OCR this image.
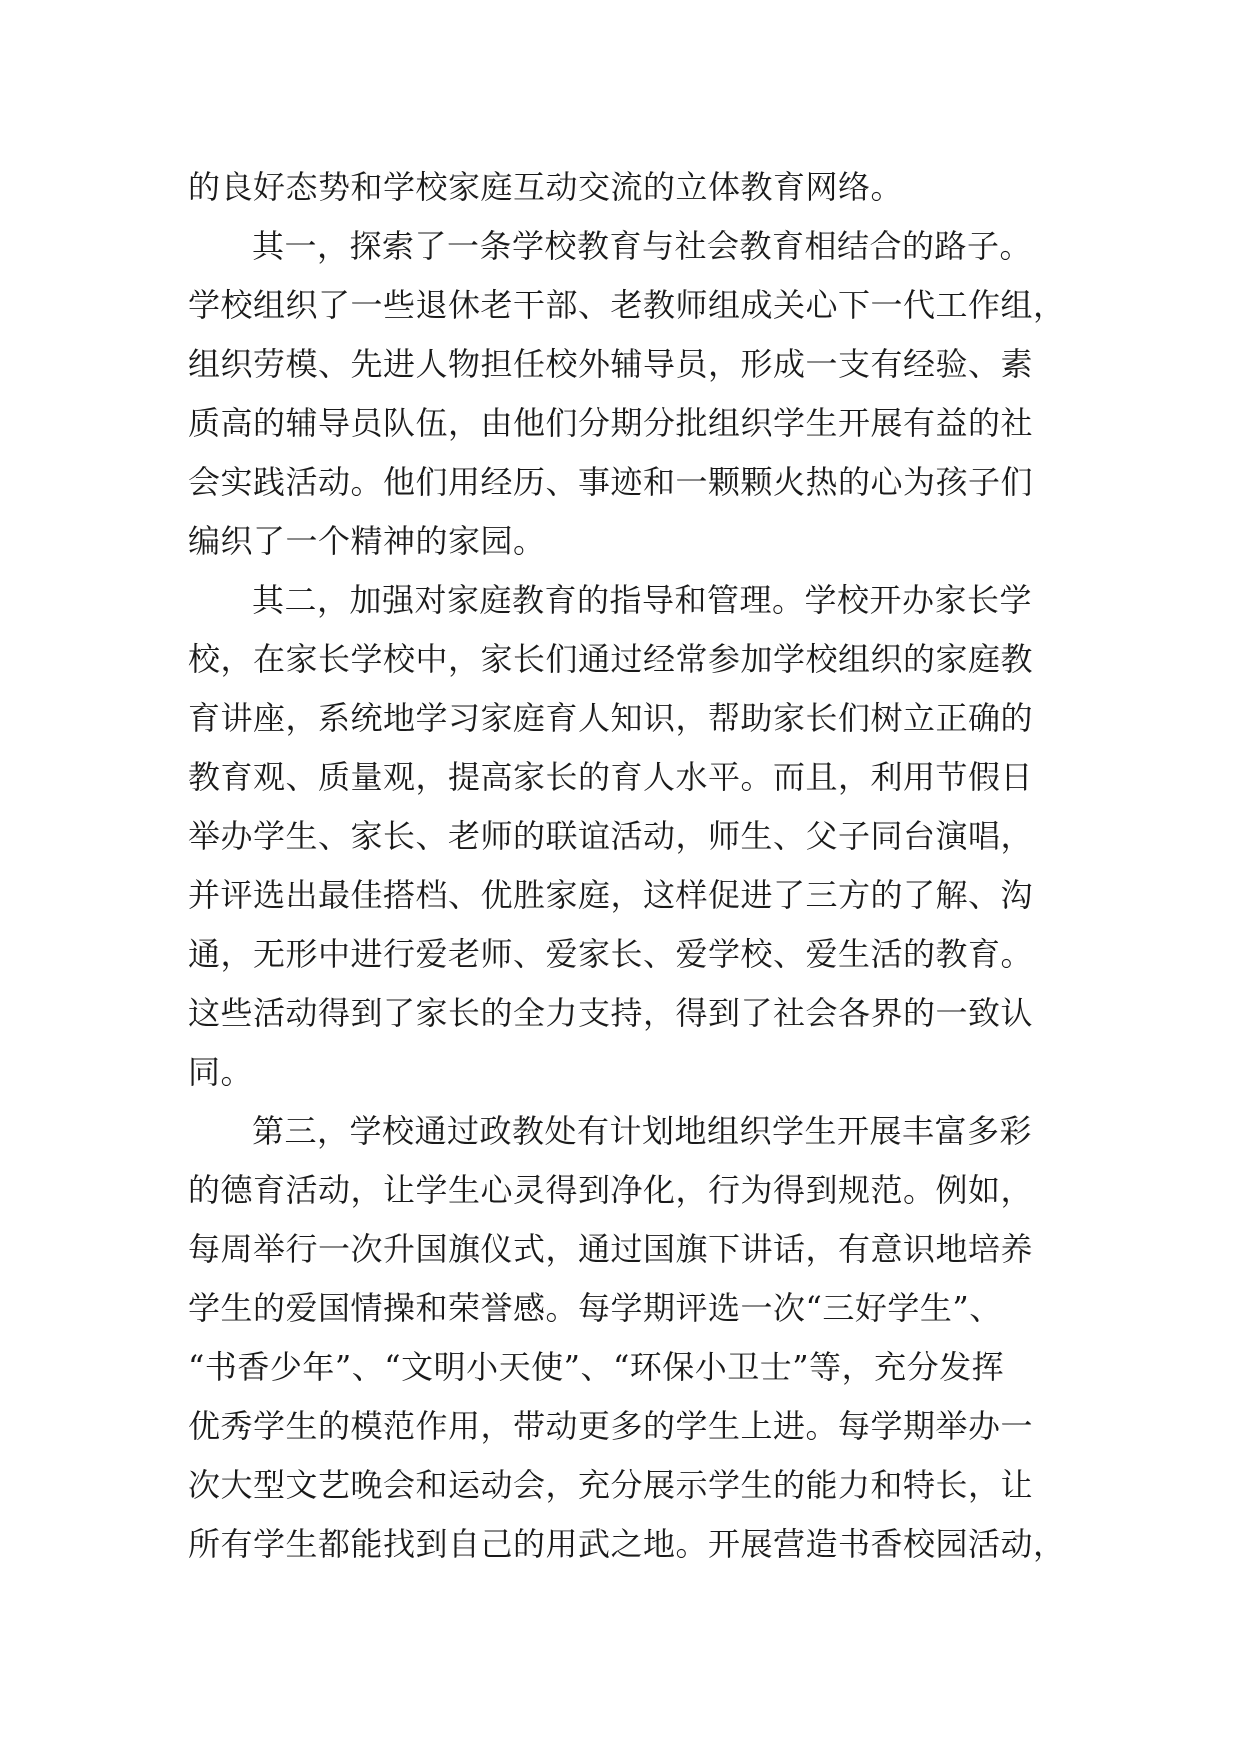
的良好态势和学校家庭互动交流的立体教育网络。
其一，探索了一条学校教育与社会教育相结合的路子。
学校组织了一些退休老干部、老教师组成关心下一代工作组，
组织劳模、先进人物担任校外辅导员，形成一支有经验、素
质高的辅导员队伍，由他们分期分批组织学生开展有益的社
会实践活动。他们用经历、事迹和一颗颗火热的心为孩子们
编织了一个精神的家园。
其二，加强对家庭教育的指导和管理。学校开办家长学
校，在家长学校中，家长们通过经常参加学校组织的家庭教
育讲座，系统地学习家庭育人知识，帮助家长们树立正确的
教育观、质量观，提高家长的育人水平。而且，利用节假日
举办学生、家长、老师的联谊活动，师生、父子同台演唱，
并评选出最佳搭档、优胜家庭，这样促进了三方的了解、沟
通，无形中进行爱老师、爱家长、爱学校、爱生活的教育。
这些活动得到了家长的全力支持，得到了社会各界的一致认
同。
第三，学校通过政教处有计划地组织学生开展丰富多彩
的德育活动，让学生心灵得到净化，行为得到规范。例如，
每周举行一次升国旗仪式，通过国旗下讲话，有意识地培养
学生的爱国情操和荣誉感。每学期评选一次“三好学生”、
“书香少年”、“文明小天使”、“环保小卫士”等，充分发挥
优秀学生的模范作用，带动更多的学生上进。每学期举办一
次大型文艺晚会和运动会，充分展示学生的能力和特长，让
所有学生都能找到自己的用武之地。开展营造书香校园活动，
